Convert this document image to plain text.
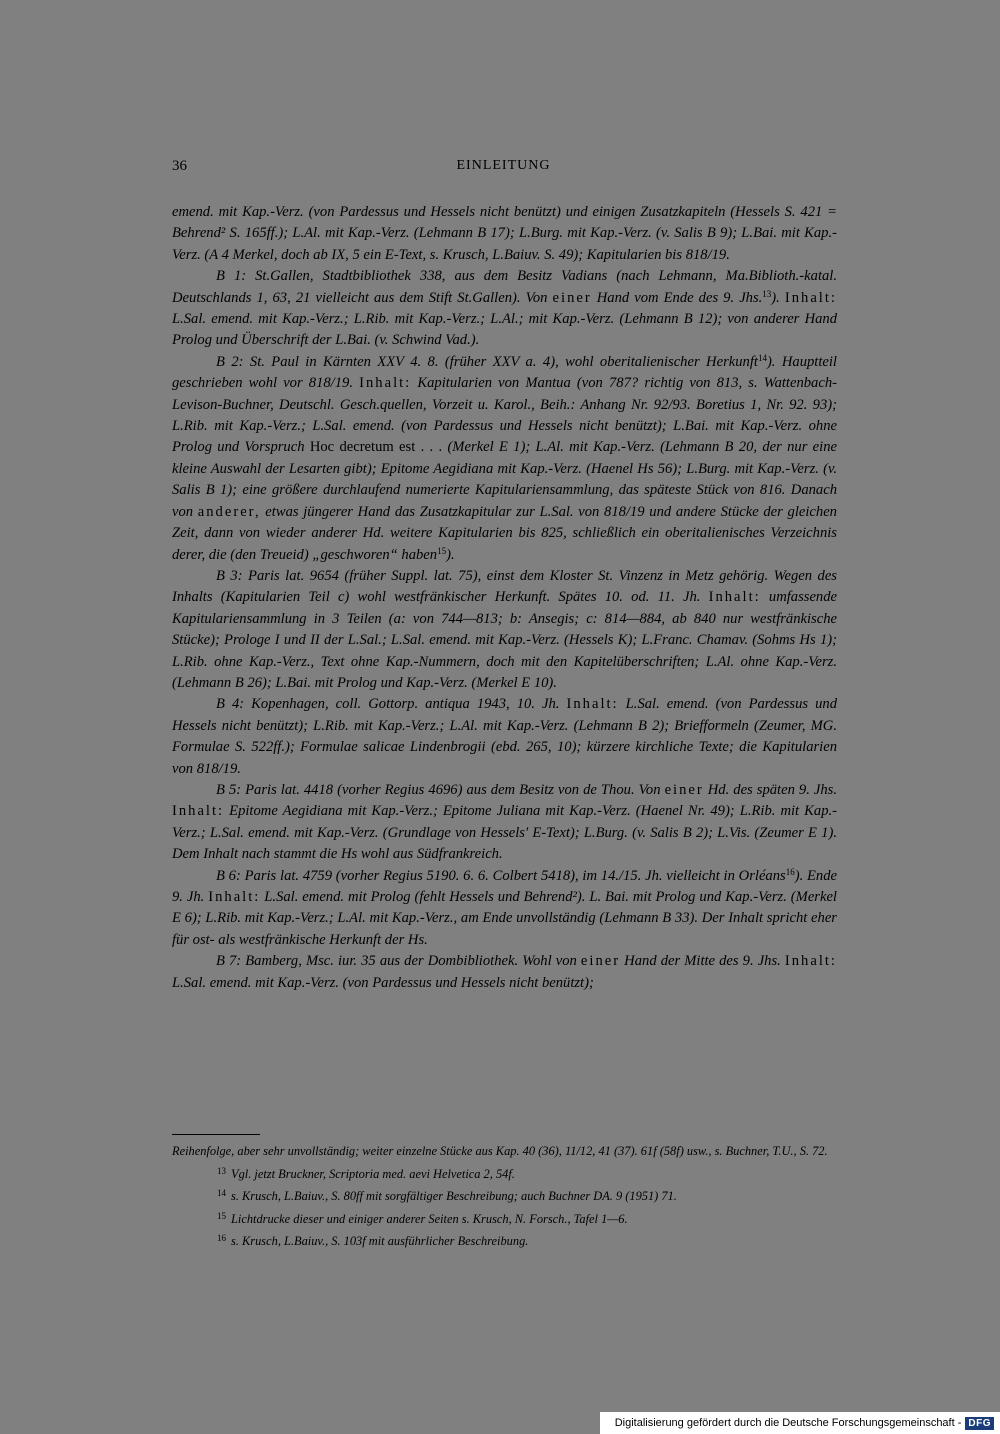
36	EINLEITUNG

emend. mit Kap.-Verz. (von Pardessus und Hessels nicht benützt) und einigen Zusatzkapiteln (Hessels S. 421 = Behrend² S. 165ff.); L.Al. mit Kap.-Verz. (Lehmann B 17); L.Burg. mit Kap.-Verz. (v. Salis B 9); L.Bai. mit Kap.-Verz. (A 4 Merkel, doch ab IX, 5 ein E-Text, s. Krusch, L.Baiuv. S. 49); Kapitularien bis 818/19.

B 1: St.Gallen, Stadtbibliothek 338, aus dem Besitz Vadians (nach Lehmann, Ma.Biblioth.-katal. Deutschlands 1, 63, 21 vielleicht aus dem Stift St.Gallen). Von einer Hand vom Ende des 9. Jhs.$^{13}$). Inhalt: L.Sal. emend. mit Kap.-Verz.; L.Rib. mit Kap.-Verz.; L.Al.; mit Kap.-Verz. (Lehmann B 12); von anderer Hand Prolog und Überschrift der L.Bai. (v. Schwind Vad.).

B 2: St. Paul in Kärnten XXV 4. 8. (früher XXV a. 4), wohl oberitalienischer Herkunft$^{14}$). Hauptteil geschrieben wohl vor 818/19. Inhalt: Kapitularien von Mantua (von 787? richtig von 813, s. Wattenbach-Levison-Buchner, Deutschl. Gesch.quellen, Vorzeit u. Karol., Beih.: Anhang Nr. 92/93. Boretius 1, Nr. 92. 93); L.Rib. mit Kap.-Verz.; L.Sal. emend. (von Pardessus und Hessels nicht benützt); L.Bai. mit Kap.-Verz. ohne Prolog und Vorspruch Hoc decretum est . . . (Merkel E 1); L.Al. mit Kap.-Verz. (Lehmann B 20, der nur eine kleine Auswahl der Lesarten gibt); Epitome Aegidiana mit Kap.-Verz. (Haenel Hs 56); L.Burg. mit Kap.-Verz. (v. Salis B 1); eine größere durchlaufend numerierte Kapitulariensammlung, das späteste Stück von 816. Danach von anderer, etwas jüngerer Hand das Zusatzkapitular zur L.Sal. von 818/19 und andere Stücke der gleichen Zeit, dann von wieder anderer Hd. weitere Kapitularien bis 825, schließlich ein oberitalienisches Verzeichnis derer, die (den Treueid) „geschworen“ haben$^{15}$).

B 3: Paris lat. 9654 (früher Suppl. lat. 75), einst dem Kloster St. Vinzenz in Metz gehörig. Wegen des Inhalts (Kapitularien Teil c) wohl westfränkischer Herkunft. Spätes 10. od. 11. Jh. Inhalt: umfassende Kapitulariensammlung in 3 Teilen (a: von 744—813; b: Ansegis; c: 814—884, ab 840 nur westfränkische Stücke); Prologe I und II der L.Sal.; L.Sal. emend. mit Kap.-Verz. (Hessels K); L.Franc. Chamav. (Sohms Hs 1); L.Rib. ohne Kap.-Verz., Text ohne Kap.-Nummern, doch mit den Kapitelüberschriften; L.Al. ohne Kap.-Verz. (Lehmann B 26); L.Bai. mit Prolog und Kap.-Verz. (Merkel E 10).

B 4: Kopenhagen, coll. Gottorp. antiqua 1943, 10. Jh. Inhalt: L.Sal. emend. (von Pardessus und Hessels nicht benützt); L.Rib. mit Kap.-Verz.; L.Al. mit Kap.-Verz. (Lehmann B 2); Briefformeln (Zeumer, MG. Formulae S. 522ff.); Formulae salicae Lindenbrogii (ebd. 265, 10); kürzere kirchliche Texte; die Kapitularien von 818/19.

B 5: Paris lat. 4418 (vorher Regius 4696) aus dem Besitz von de Thou. Von einer Hd. des späten 9. Jhs. Inhalt: Epitome Aegidiana mit Kap.-Verz.; Epitome Juliana mit Kap.-Verz. (Haenel Nr. 49); L.Rib. mit Kap.-Verz.; L.Sal. emend. mit Kap.-Verz. (Grundlage von Hessels' E-Text); L.Burg. (v. Salis B 2); L.Vis. (Zeumer E 1). Dem Inhalt nach stammt die Hs wohl aus Südfrankreich.

B 6: Paris lat. 4759 (vorher Regius 5190. 6. 6. Colbert 5418), im 14./15. Jh. vielleicht in Orléans$^{16}$). Ende 9. Jh. Inhalt: L.Sal. emend. mit Prolog (fehlt Hessels und Behrend²). L. Bai. mit Prolog und Kap.-Verz. (Merkel E 6); L.Rib. mit Kap.-Verz.; L.Al. mit Kap.-Verz., am Ende unvollständig (Lehmann B 33). Der Inhalt spricht eher für ost- als westfränkische Herkunft der Hs.

B 7: Bamberg, Msc. iur. 35 aus der Dombibliothek. Wohl von einer Hand der Mitte des 9. Jhs. Inhalt: L.Sal. emend. mit Kap.-Verz. (von Pardessus und Hessels nicht benützt);

Reihenfolge, aber sehr unvollständig; weiter einzelne Stücke aus Kap. 40 (36), 11/12, 41 (37). 61f (58f) usw., s. Buchner, T.U., S. 72.

$^{13}$ Vgl. jetzt Bruckner, Scriptoria med. aevi Helvetica 2, 54f.

$^{14}$ s. Krusch, L.Baiuv., S. 80ff mit sorgfältiger Beschreibung; auch Buchner DA. 9 (1951) 71.

$^{15}$ Lichtdrucke dieser und einiger anderer Seiten s. Krusch, N. Forsch., Tafel 1—6.

$^{16}$ s. Krusch, L.Baiuv., S. 103f mit ausführlicher Beschreibung.

Digitalisierung gefördert durch die Deutsche Forschungsgemeinschaft - DFG
